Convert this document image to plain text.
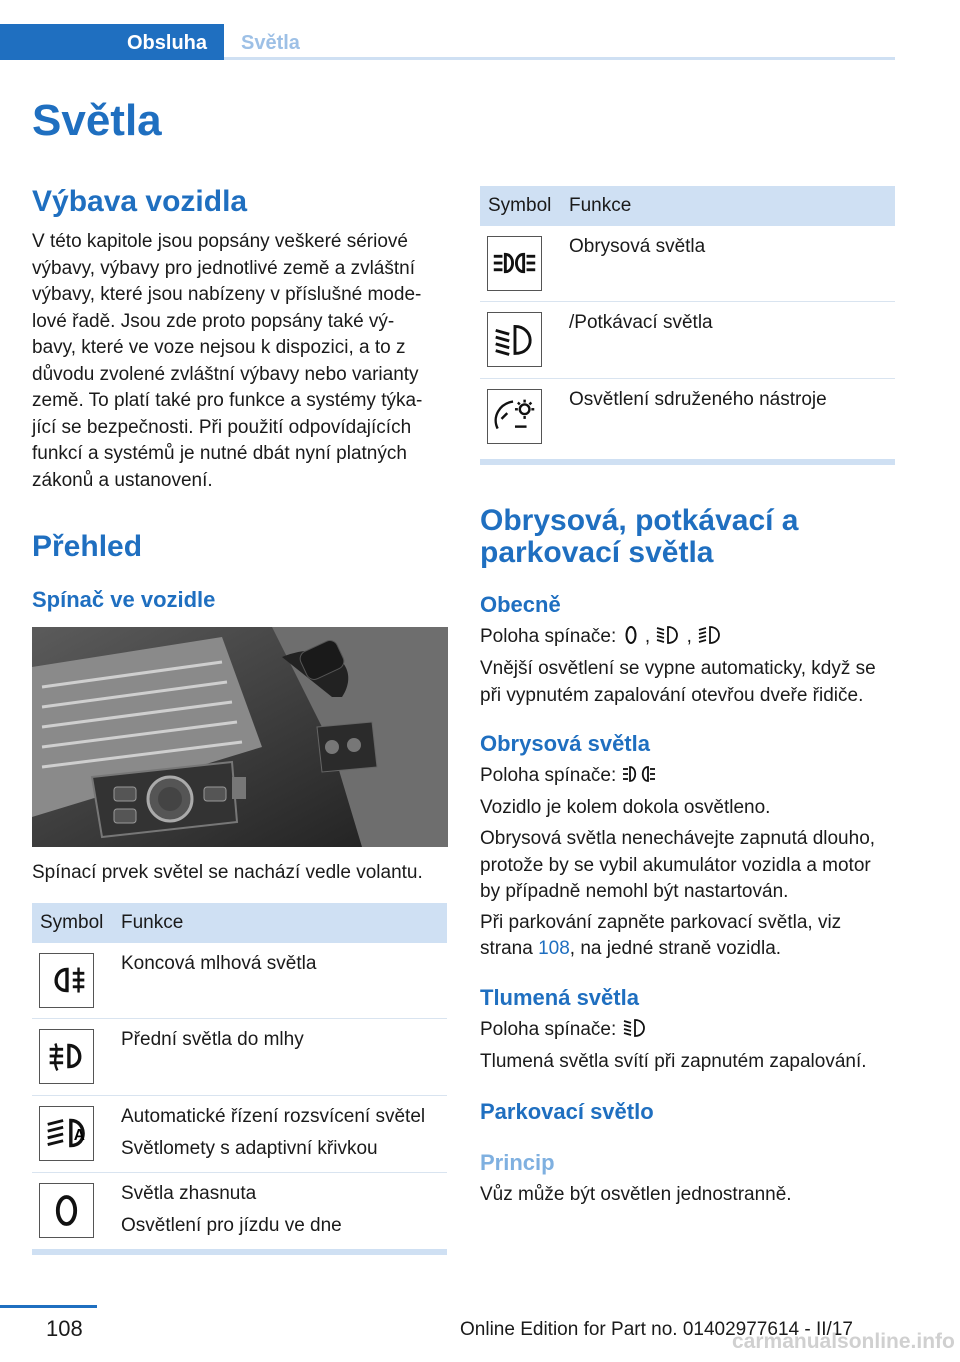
Obsluha Světla
Světla
Výbava vozidla

V této kapitole jsou popsány veškeré sériové

výbavy, výbavy pro jednotlivé země a zvláštní

výbavy, které jsou nabízeny v příslušné mode‐

lové řadě. Jsou zde proto popsány také vý‐

bavy, které ve voze nejsou k dispozici, a to z

důvodu zvolené zvláštní výbavy nebo varianty

země. To platí také pro funkce a systémy týka‐

jící se bezpečnosti. Při použití odpovídajících

funkcí a systémů je nutné dbát nyní platných

zákonů a ustanovení.

Přehled
Spínač ve vozidle

Spínací prvek světel se nachází vedle volantu.

Symbol Funkce
Koncová mlhová světla
Přední světla do mlhy
A
Automatické řízení rozsvícení světel
Světlomety s adaptivní křivkou
Světla zhasnuta
Osvětlení pro jízdu ve dne
Symbol Funkce
Obrysová světla
/Potkávací světla
Osvětlení sdruženého nástroje
Obrysová, potkávací a
parkovací světla
Obecně

Poloha spínače: , ,

Vnější osvětlení se vypne automaticky, když se

při vypnutém zapalování otevřou dveře řidiče.

Obrysová světla

Poloha spínače:

Vozidlo je kolem dokola osvětleno.

Obrysová světla nenechávejte zapnutá dlouho,

protože by se vybil akumulátor vozidla a motor

by případně nemohl být nastartován.

Při parkování zapněte parkovací světla, viz

strana 108, na jedné straně vozidla.

Tlumená světla

Poloha spínače:

Tlumená světla svítí při zapnutém zapalování.

Parkovací světlo
Princip

Vůz může být osvětlen jednostranně.

108	Online Edition for Part no. 01402977614 - II/17
carmanualsonline.info
